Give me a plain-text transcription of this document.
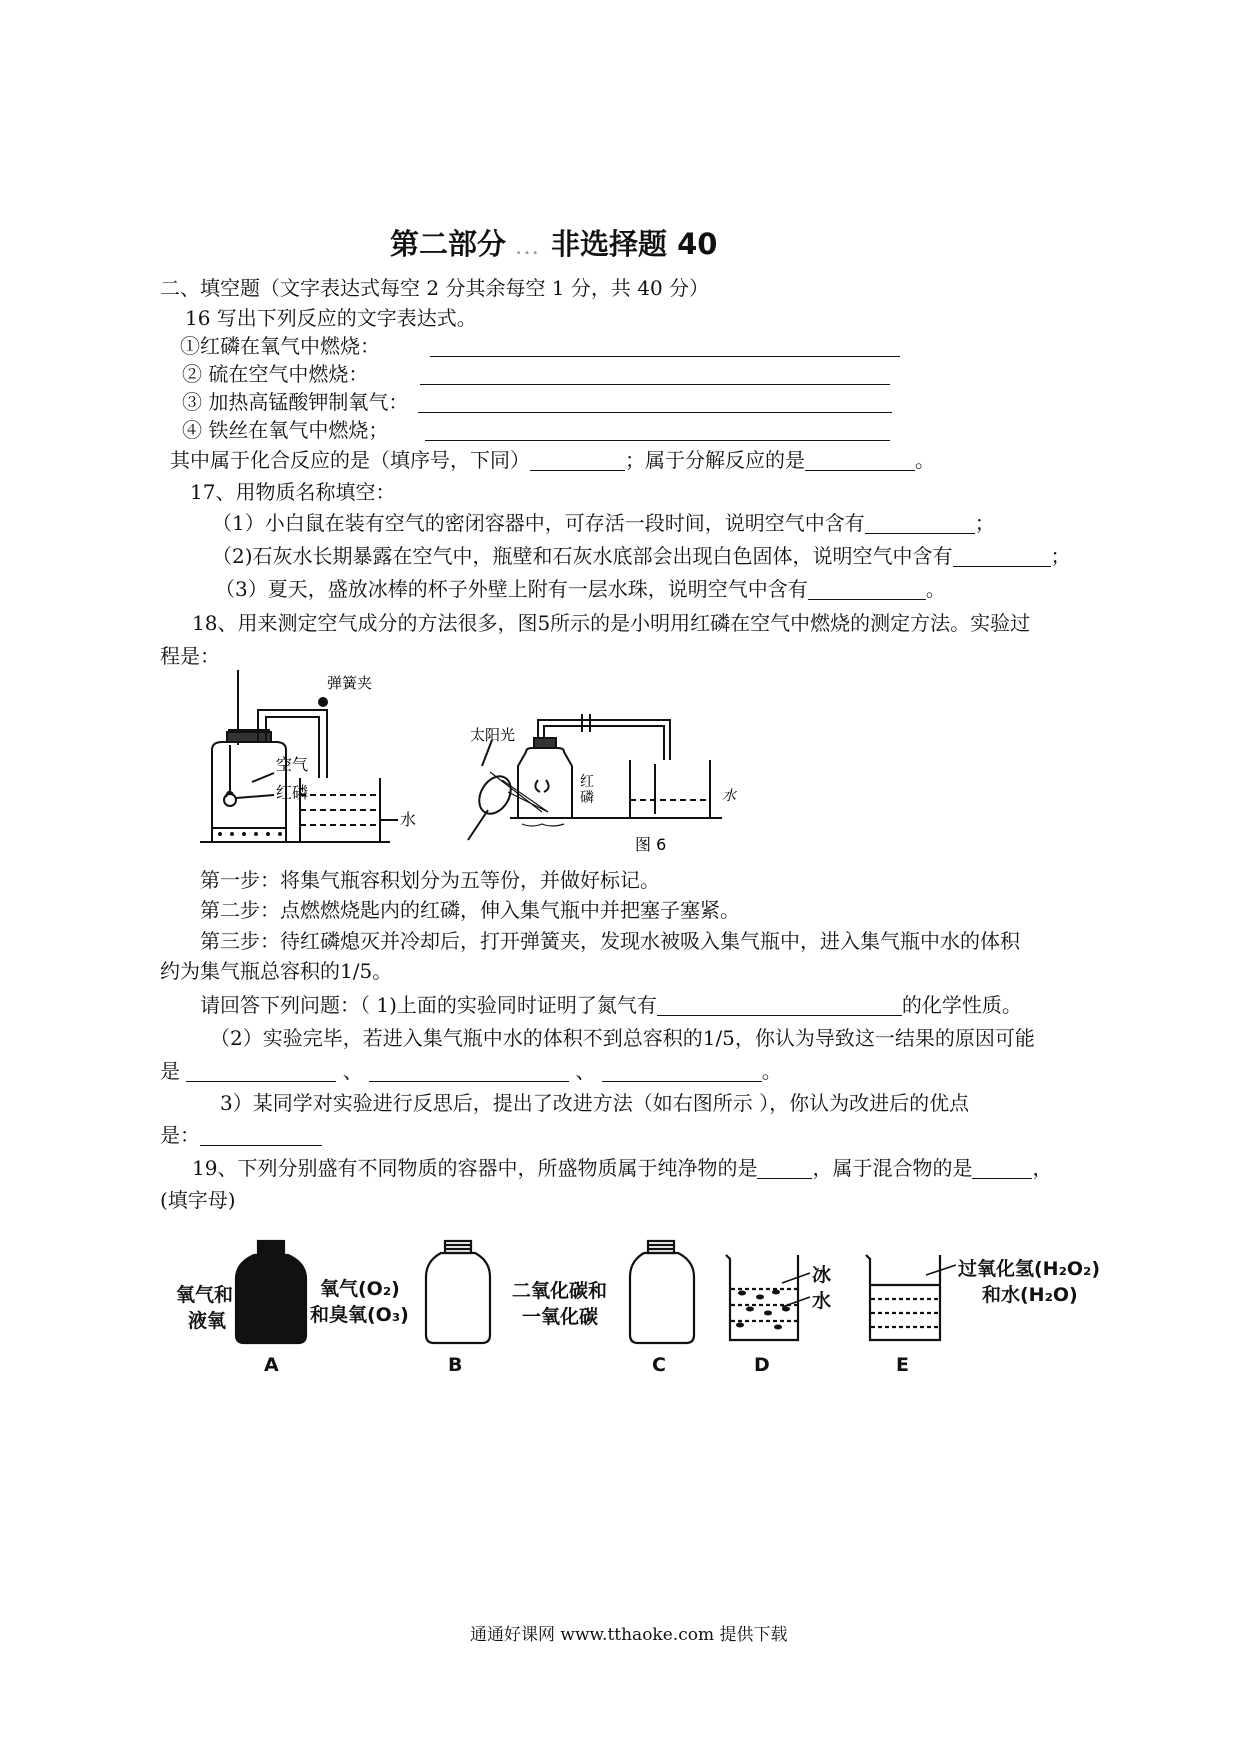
第二部分 ... 非选择题 40
二、填空题（文字表达式每空 2 分其余每空 1 分，共 40 分）
16 写出下列反应的文字表达式。
①红磷在氧气中燃烧：
② 硫在空气中燃烧：
③ 加热高锰酸钾制氧气：
④ 铁丝在氧气中燃烧；
其中属于化合反应的是（填序号，下同）	；属于分解反应的是	。
17、用物质名称填空：
（1）小白鼠在装有空气的密闭容器中，可存活一段时间，说明空气中含有	；
（2)石灰水长期暴露在空气中，瓶壁和石灰水底部会出现白色固体，说明空气中含有	；
（3）夏天，盛放冰棒的杯子外壁上附有一层水珠，说明空气中含有	。
18、用来测定空气成分的方法很多，图5所示的是小明用红磷在空气中燃烧的测定方法。实验过
程是：
弹簧夹
空气
红磷
水
太阳光
红
磷	水
图 6
第一步：将集气瓶容积划分为五等份，并做好标记。
第二步：点燃燃烧匙内的红磷，伸入集气瓶中并把塞子塞紧。
第三步：待红磷熄灭并冷却后，打开弹簧夹，发现水被吸入集气瓶中，进入集气瓶中水的体积
约为集气瓶总容积的1/5。
请回答下列问题：（ 1)上面的实验同时证明了氮气有	的化学性质。
（2）实验完毕，若进入集气瓶中水的体积不到总容积的1/5，你认为导致这一结果的原因可能
是	、	、	。
3）某同学对实验进行反思后，提出了改进方法（如右图所示 ），你认为改进后的优点
是：
19、下列分别盛有不同物质的容器中，所盛物质属于纯净物的是	，属于混合物的是	，
(填字母)
氧气和
液氧
氧气(O₂)
和臭氧(O₃)
二氧化碳和
一氧化碳
冰
水
过氧化氢(H₂O₂)
和水(H₂O)
A	B	C	D	E
通通好课网 www.tthaoke.com 提供下载
